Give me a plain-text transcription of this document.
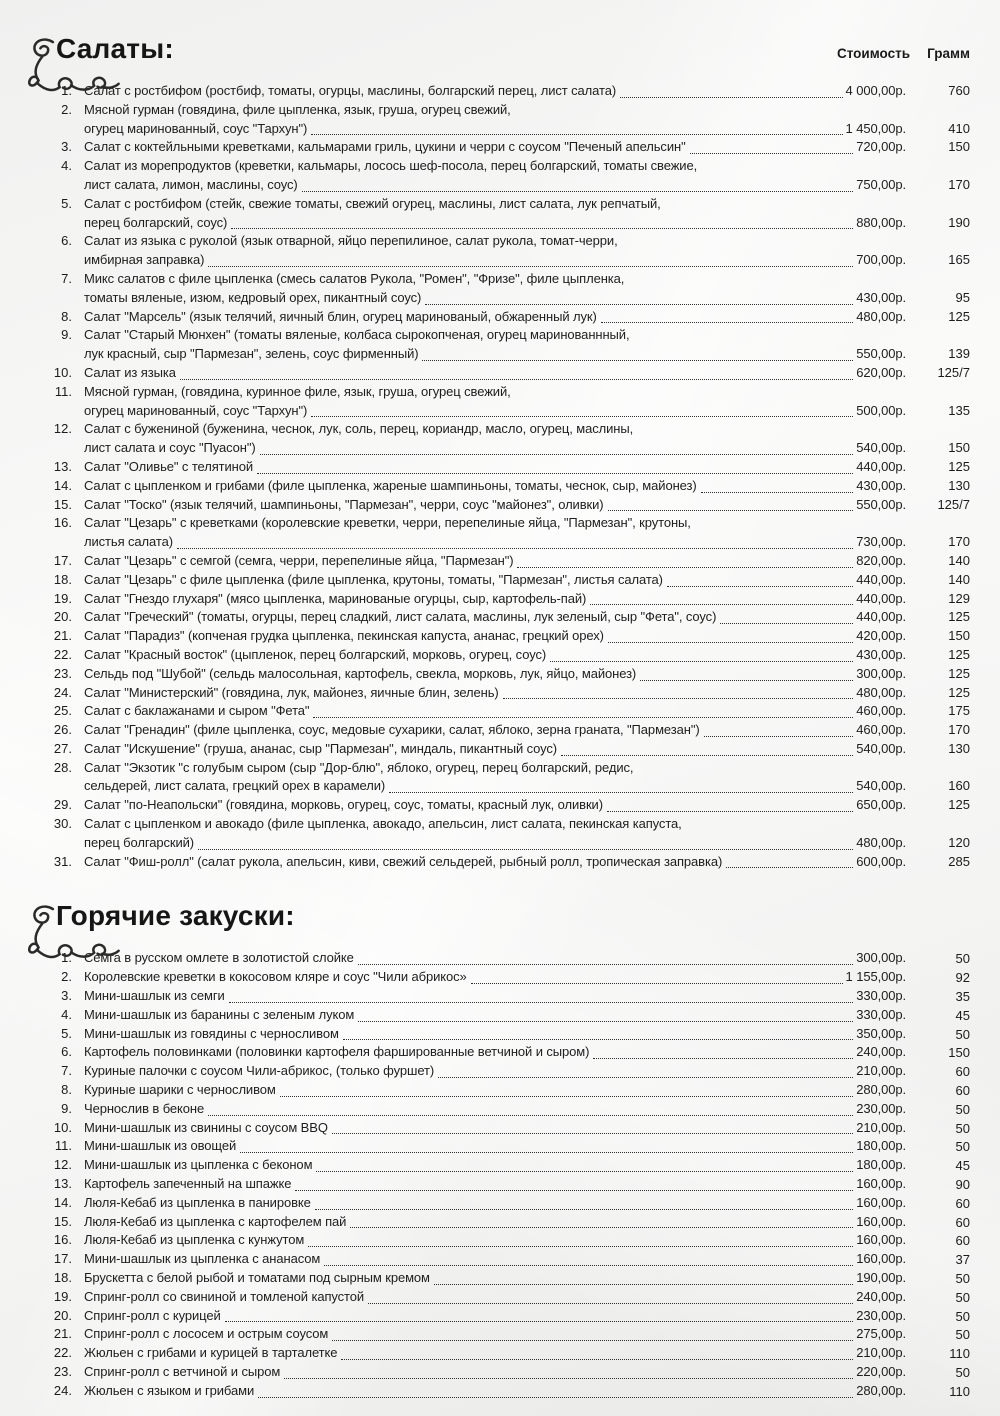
Салаты:	Стоимость Грамм
1. Салат с ростбифом (ростбиф, томаты, огурцы, маслины, болгарский перец, лист салата)	4 000,00р.	760
2. Мясной гурман (говядина, филе цыпленка, язык, груша, огурец свежий,
огурец маринованный, соус "Тархун")	1 450,00р.	410
3. Салат с коктейльными креветками, кальмарами гриль, цукини и черри с соусом "Печеный апельсин"	720,00р.	150
4. Салат из морепродуктов (креветки, кальмары, лосось шеф-посола, перец болгарский, томаты свежие,
лист салата, лимон, маслины, соус)	750,00р.	170
5. Салат с ростбифом (стейк, свежие томаты, свежий огурец, маслины, лист салата, лук репчатый,
перец болгарский, соус)	880,00р.	190
6. Салат из языка с руколой (язык отварной, яйцо перепилиное, салат рукола, томат-черри,
имбирная заправка)	700,00р.	165
7. Микс салатов с филе цыпленка (смесь салатов Рукола, "Ромен", "Фризе", филе цыпленка,
томаты вяленые, изюм, кедровый орех, пикантный соус)	430,00р.	95
8. Салат "Марсель" (язык телячий, яичный блин, огурец маринованый, обжаренный лук)	480,00р.	125
9. Салат "Старый Мюнхен" (томаты вяленые, колбаса сырокопченая, огурец маринованнный,
лук красный, сыр "Пармезан", зелень, соус фирменный)	550,00р.	139
10. Салат из языка	620,00р.	125/7
11. Мясной гурман, (говядина, куринное филе, язык, груша, огурец свежий,
огурец маринованный, соус "Тархун")	500,00р.	135
12. Салат с бужениной (буженина, чеснок, лук, соль, перец, кориандр, масло, огурец, маслины,
лист салата и соус "Пуасон")	540,00р.	150
13. Салат "Оливье" с телятиной	440,00р.	125
14. Салат с цыпленком и грибами (филе цыпленка, жареные шампиньоны, томаты, чеснок, сыр, майонез)	430,00р.	130
15. Салат "Тоско" (язык телячий, шампиньоны, "Пармезан", черри, соус "майонез", оливки)	550,00р.	125/7
16. Салат "Цезарь" с креветками (королевские креветки, черри, перепелиные яйца, "Пармезан", крутоны,
листья салата)	730,00р.	170
17. Салат "Цезарь" с семгой (семга, черри, перепелиные яйца, "Пармезан")	820,00р.	140
18. Салат "Цезарь" с филе цыпленка (филе цыпленка, крутоны, томаты, "Пармезан", листья салата)	440,00р.	140
19. Салат "Гнездо глухаря" (мясо цыпленка, маринованые огурцы, сыр, картофель-пай)	440,00р.	129
20. Салат "Греческий" (томаты, огурцы, перец сладкий, лист салата, маслины, лук зеленый, сыр "Фета", соус)	440,00р.	125
21. Салат "Парадиз" (копченая грудка цыпленка, пекинская капуста, ананас, грецкий орех)	420,00р.	150
22. Салат "Красный восток" (цыпленок, перец болгарский, морковь, огурец, соус)	430,00р.	125
23. Сельдь под "Шубой" (сельдь малосольная, картофель, свекла, морковь, лук, яйцо, майонез)	300,00р.	125
24. Салат "Министерский" (говядина, лук, майонез, яичные блин, зелень)	480,00р.	125
25. Салат с баклажанами и сыром "Фета"	460,00р.	175
26. Салат "Гренадин" (филе цыпленка, соус, медовые сухарики, салат, яблоко, зерна граната, "Пармезан")	460,00р.	170
27. Салат "Искушение" (груша, ананас, сыр "Пармезан", миндаль, пикантный соус)	540,00р.	130
28. Салат "Экзотик "с голубым сыром (сыр "Дор-блю", яблоко, огурец, перец болгарский, редис,
сельдерей, лист салата, грецкий орех в карамели)	540,00р.	160
29. Салат "по-Неапольски" (говядина, морковь, огурец, соус, томаты, красный лук, оливки)	650,00р.	125
30. Салат с цыпленком и авокадо (филе цыпленка, авокадо, апельсин, лист салата, пекинская капуста,
перец болгарский)	480,00р.	120
31. Салат "Фиш-ролл" (салат рукола, апельсин, киви, свежий сельдерей, рыбный ролл, тропическая заправка)	600,00р.	285
Горячие закуски:
1. Семга в русском омлете в золотистой слойке	300,00р.	50
2. Королевские креветки в кокосовом кляре и соус "Чили абрикос»	1 155,00р.	92
3. Мини-шашлык из семги	330,00р.	35
4. Мини-шашлык из баранины с зеленым луком	330,00р.	45
5. Мини-шашлык из говядины с черносливом	350,00р.	50
6. Картофель половинками (половинки картофеля фаршированные ветчиной и сыром)	240,00р.	150
7. Куриные палочки с соусом Чили-абрикос, (только фуршет)	210,00р.	60
8. Куриные шарики с черносливом	280,00р.	60
9. Чернослив в беконе	230,00р.	50
10. Мини-шашлык из свинины с соусом BBQ	210,00р.	50
11. Мини-шашлык из овощей	180,00р.	50
12. Мини-шашлык из цыпленка с беконом	180,00р.	45
13. Картофель запеченный на шпажке	160,00р.	90
14. Люля-Кебаб из цыпленка в панировке	160,00р.	60
15. Люля-Кебаб из цыпленка с картофелем пай	160,00р.	60
16. Люля-Кебаб из цыпленка с кунжутом	160,00р.	60
17. Мини-шашлык из цыпленка с ананасом	160,00р.	37
18. Брускетта с белой рыбой и томатами под сырным кремом	190,00р.	50
19. Спринг-ролл со свининой и томленой капустой	240,00р.	50
20. Спринг-ролл с курицей	230,00р.	50
21. Спринг-ролл с лососем и острым соусом	275,00р.	50
22. Жюльен с грибами и курицей в тарталетке	210,00р.	110
23. Спринг-ролл с ветчиной и сыром	220,00р.	50
24. Жюльен с языком и грибами	280,00р.	110
